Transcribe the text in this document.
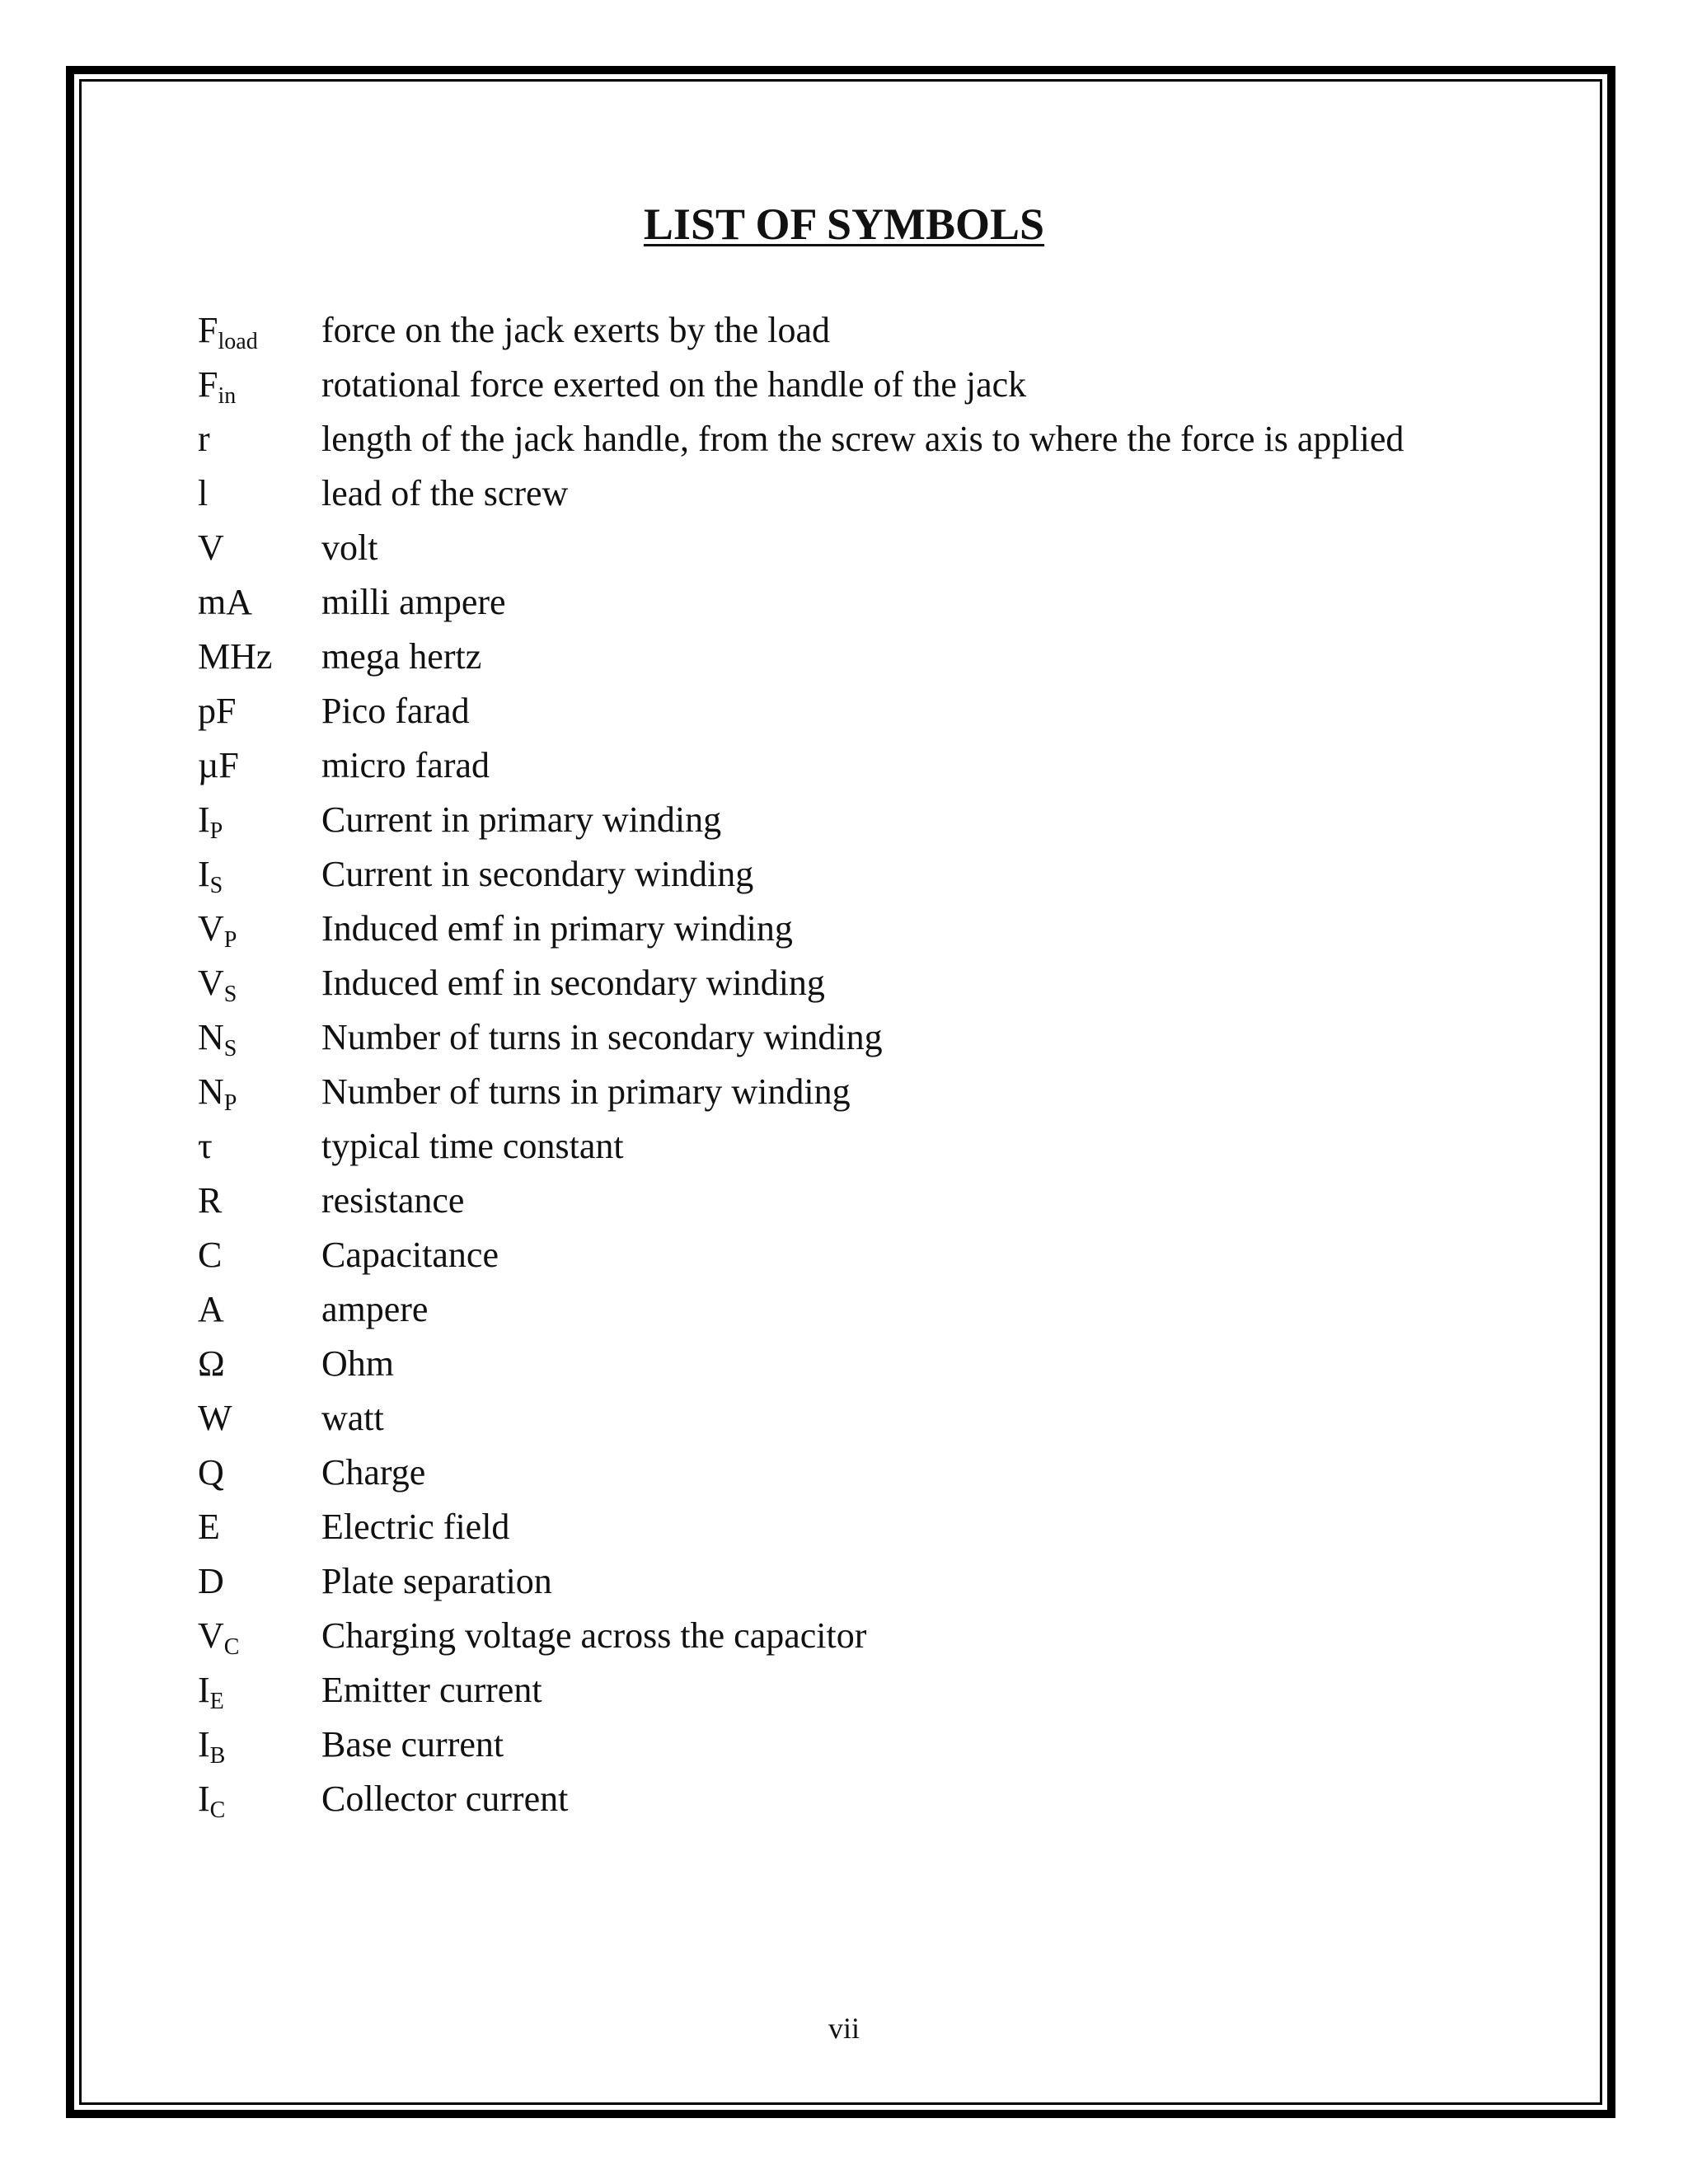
LIST OF SYMBOLS
$F_{load}$ force on the jack exerts by the load
$F_{in}$ rotational force exerted on the handle of the jack
r	length of the jack handle, from the screw axis to where the force is applied
l	lead of the screw
V	volt
mA milli ampere
MHz mega hertz
pF Pico farad
µF micro farad
$I_P$	Current in primary winding
$I_S$	Current in secondary winding
$V_P$ Induced emf in primary winding
$V_S$ Induced emf in secondary winding
$N_S$ Number of turns in secondary winding
$N_P$ Number of turns in primary winding
τ	typical time constant
R	resistance
C	Capacitance
A	ampere
Ω	Ohm
W watt
Q	Charge
E	Electric field
D	Plate separation
$V_C$ Charging voltage across the capacitor
$I_E$	Emitter current
$I_B$	Base current
$I_C$	Collector current
vii
